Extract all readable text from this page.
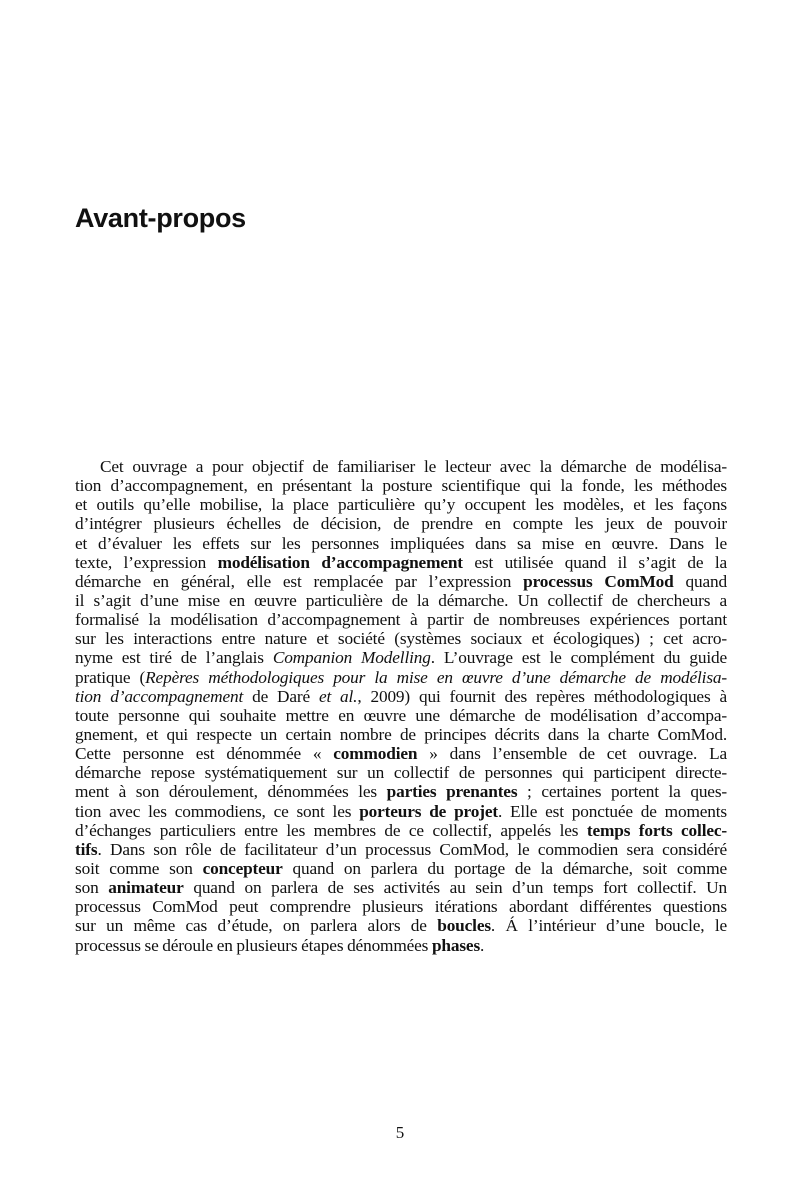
Avant-propos
Cet ouvrage a pour objectif de familiariser le lecteur avec la démarche de modélisa-
tion d’accompagnement, en présentant la posture scientifique qui la fonde, les méthodes
et outils qu’elle mobilise, la place particulière qu’y occupent les modèles, et les façons
d’intégrer plusieurs échelles de décision, de prendre en compte les jeux de pouvoir
et d’évaluer les effets sur les personnes impliquées dans sa mise en œuvre. Dans le
texte, l’expression modélisation d’accompagnement est utilisée quand il s’agit de la
démarche en général, elle est remplacée par l’expression processus ComMod quand
il s’agit d’une mise en œuvre particulière de la démarche. Un collectif de chercheurs a
formalisé la modélisation d’accompagnement à partir de nombreuses expériences portant
sur les interactions entre nature et société (systèmes sociaux et écologiques) ; cet acro-
nyme est tiré de l’anglais Companion Modelling. L’ouvrage est le complément du guide
pratique (Repères méthodologiques pour la mise en œuvre d’une démarche de modélisa-
tion d’accompagnement de Daré et al., 2009) qui fournit des repères méthodologiques à
toute personne qui souhaite mettre en œuvre une démarche de modélisation d’accompa-
gnement, et qui respecte un certain nombre de principes décrits dans la charte ComMod.
Cette personne est dénommée « commodien » dans l’ensemble de cet ouvrage. La
démarche repose systématiquement sur un collectif de personnes qui participent directe-
ment à son déroulement, dénommées les parties prenantes ; certaines portent la ques-
tion avec les commodiens, ce sont les porteurs de projet. Elle est ponctuée de moments
d’échanges particuliers entre les membres de ce collectif, appelés les temps forts collec-
tifs. Dans son rôle de facilitateur d’un processus ComMod, le commodien sera considéré
soit comme son concepteur quand on parlera du portage de la démarche, soit comme
son animateur quand on parlera de ses activités au sein d’un temps fort collectif. Un
processus ComMod peut comprendre plusieurs itérations abordant différentes questions
sur un même cas d’étude, on parlera alors de boucles. Á l’intérieur d’une boucle, le
processus se déroule en plusieurs étapes dénommées phases.
5
